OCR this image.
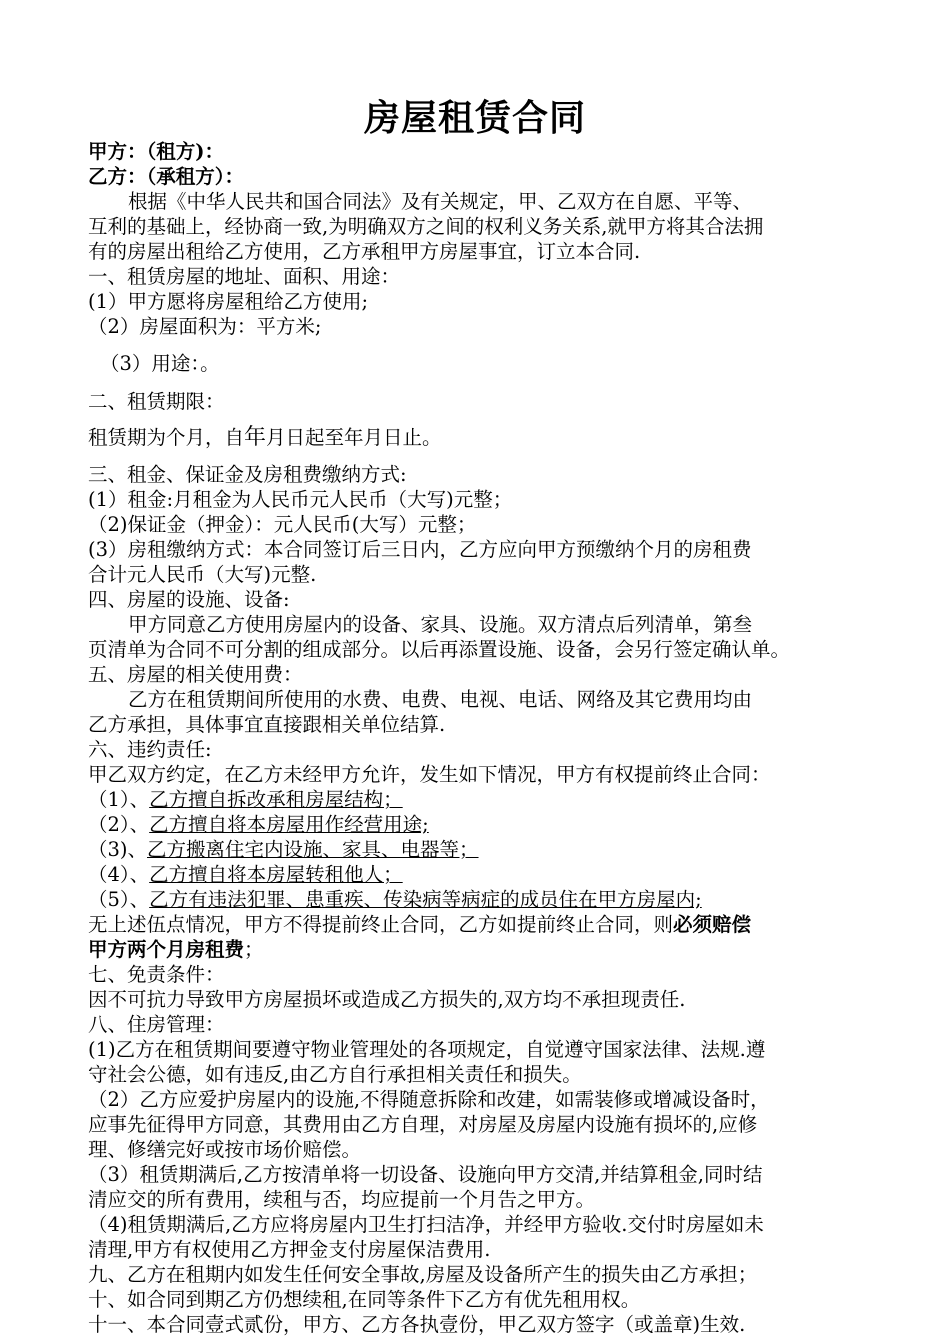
房屋租赁合同
甲方：（租方)：
乙方：（承租方）：
根据《中华人民共和国合同法》及有关规定，甲、乙双方在自愿、平等、
互利的基础上，经协商一致,为明确双方之间的权利义务关系,就甲方将其合法拥
有的房屋出租给乙方使用，乙方承租甲方房屋事宜，订立本合同.
一、租赁房屋的地址、面积、用途：
(1）甲方愿将房屋租给乙方使用;
（2）房屋面积为：平方米;
（3）用途：。
二、租赁期限：
租赁期为个月，自年月日起至年月日止。
三、租金、保证金及房租费缴纳方式:
(1）租金:月租金为人民币元人民币（大写)元整；
（2)保证金（押金）：元人民币(大写）元整；
(3）房租缴纳方式：本合同签订后三日内，乙方应向甲方预缴纳个月的房租费
合计元人民币（大写)元整.
四、房屋的设施、设备:
甲方同意乙方使用房屋内的设备、家具、设施。双方清点后列清单，第叁
页清单为合同不可分割的组成部分。以后再添置设施、设备，会另行签定确认单。
五、房屋的相关使用费：
乙方在租赁期间所使用的水费、电费、电视、电话、网络及其它费用均由
乙方承担，具体事宜直接跟相关单位结算.
六、违约责任:
甲乙双方约定，在乙方未经甲方允许，发生如下情况，甲方有权提前终止合同：
（1）、乙方擅自拆改承租房屋结构；
（2）、乙方擅自将本房屋用作经营用途;
（3)、乙方搬离住宅内设施、家具、电器等；
（4）、乙方擅自将本房屋转租他人；
（5）、乙方有违法犯罪、患重疾、传染病等病症的成员住在甲方房屋内;
无上述伍点情况，甲方不得提前终止合同，乙方如提前终止合同，则必须赔偿
甲方两个月房租费；
七、免责条件：
因不可抗力导致甲方房屋损坏或造成乙方损失的,双方均不承担现责任.
八、住房管理：
(1)乙方在租赁期间要遵守物业管理处的各项规定，自觉遵守国家法律、法规.遵
守社会公德，如有违反,由乙方自行承担相关责任和损失。
（2）乙方应爱护房屋内的设施,不得随意拆除和改建，如需装修或增减设备时，
应事先征得甲方同意，其费用由乙方自理，对房屋及房屋内设施有损坏的,应修
理、修缮完好或按市场价赔偿。
（3）租赁期满后,乙方按清单将一切设备、设施向甲方交清,并结算租金,同时结
清应交的所有费用，续租与否，均应提前一个月告之甲方。
（4)租赁期满后,乙方应将房屋内卫生打扫洁净，并经甲方验收.交付时房屋如未
清理,甲方有权使用乙方押金支付房屋保洁费用.
九、乙方在租期内如发生任何安全事故,房屋及设备所产生的损失由乙方承担；
十、如合同到期乙方仍想续租,在同等条件下乙方有优先租用权。
十一、本合同壹式贰份，甲方、乙方各执壹份，甲乙双方签字（或盖章)生效.
